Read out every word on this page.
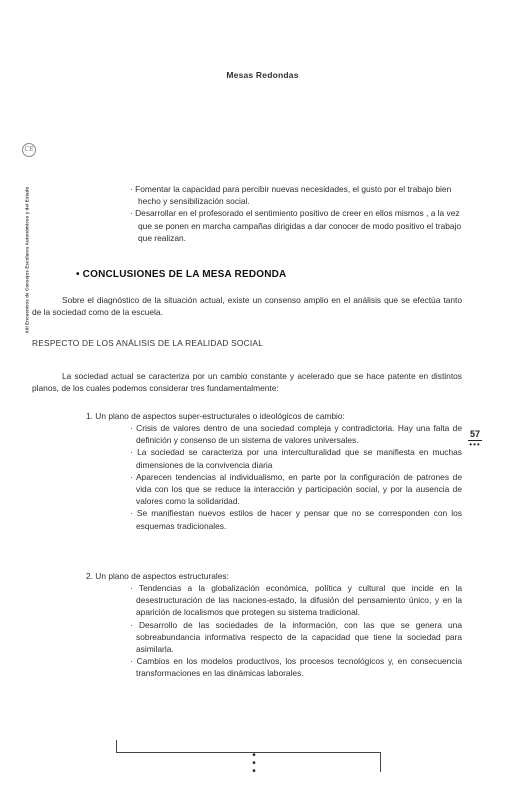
Mesas Redondas
CE
XIII Encuentros de Consejos Escolares Autonómicos y del Estado	· Fomentar la capacidad para percibir nuevas necesidades, el gusto por el trabajo bien hecho y sensibilización social.

· Desarrollar en el profesorado el sentimiento positivo de creer en ellos mismos , a la vez que se ponen en marcha campañas dirigidas a dar conocer de modo positivo el trabajo que realizan.

• CONCLUSIONES DE LA MESA REDONDA

Sobre el diagnóstico de la situación actual, existe un consenso amplio en el análisis que se efectúa tanto de la sociedad como de la escuela.

RESPECTO DE LOS ANÁLISIS DE LA REALIDAD SOCIAL

La sociedad actual se caracteriza por un cambio constante y acelerado que se hace patente en distintos planos, de los cuales podemos considerar tres fundamentalmente:

1. Un plano de aspectos super-estructurales o ideológicos de cambio:

· Crisis de valores dentro de una sociedad compleja y contradictoria. Hay una falta de definición y consenso de un sistema de valores universales.

· La sociedad se caracteriza por una interculturalidad que se manifiesta en muchas dimensiones de la convivencia diaria

· Aparecen tendencias al individualismo, en parte por la configuración de patrones de vida con los que se reduce la interacción y participación social, y por la ausencia de valores como la solidaridad.

· Se manifiestan nuevos estilos de hacer y pensar que no se corresponden con los esquemas tradicionales.

57
•••
2. Un plano de aspectos estructurales:

· Tendencias a la globalización económica, política y cultural que incide en la desestructuración de las naciones-estado, la difusión del pensamiento único, y en la aparición de localismos que protegen su sistema tradicional.

· Desarrollo de las sociedades de la información, con las que se genera una sobreabundancia informativa respecto de la capacidad que tiene la sociedad para asimilarla.

· Cambios en los modelos productivos, los procesos tecnológicos y, en consecuencia transformaciones en las dinámicas laborales.

•
•
•
